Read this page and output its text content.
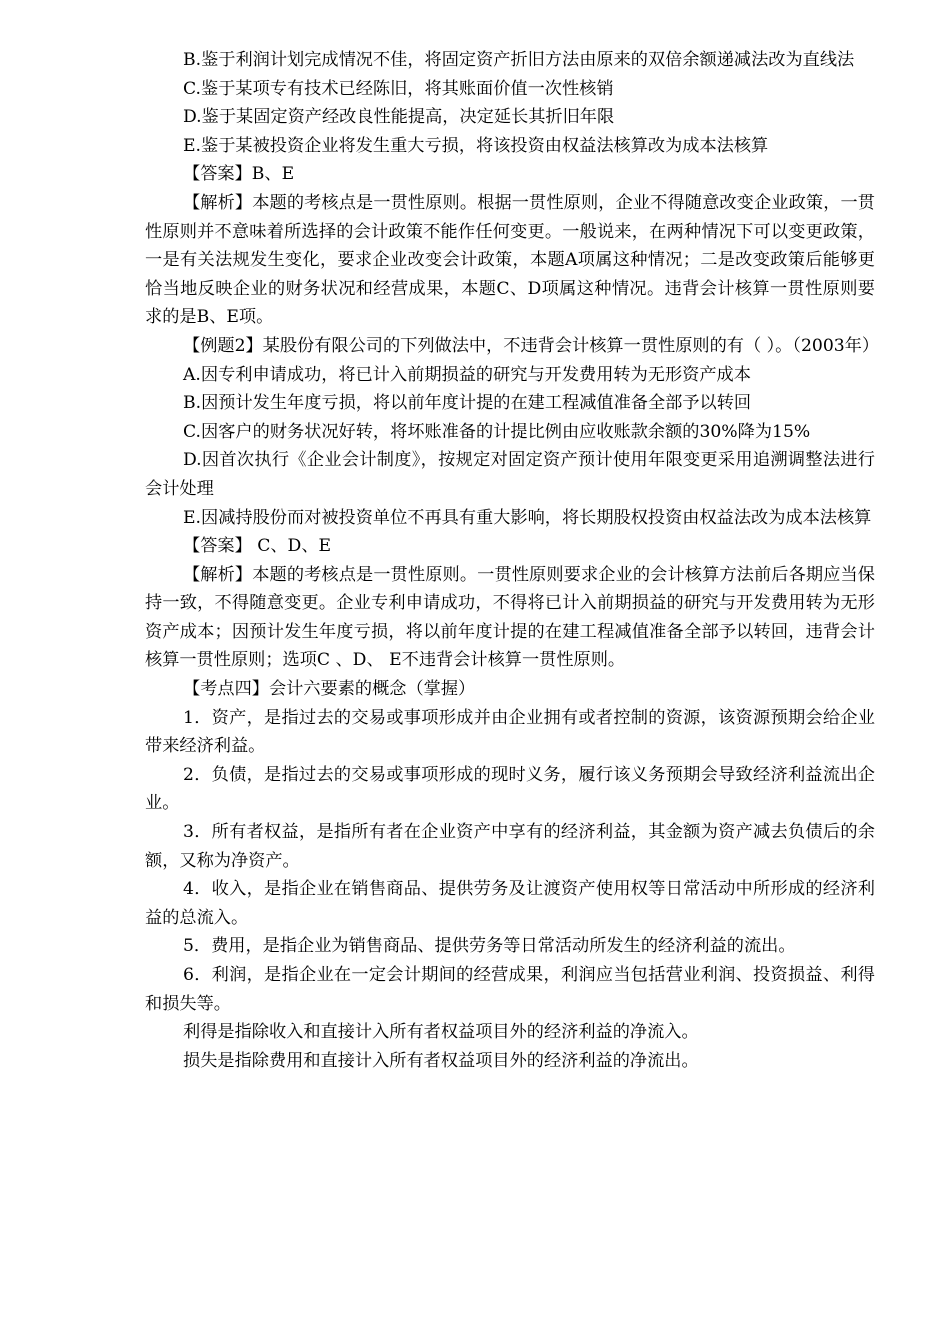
B.鉴于利润计划完成情况不佳，将固定资产折旧方法由原来的双倍余额递减法改为直线法

C.鉴于某项专有技术已经陈旧，将其账面价值一次性核销

D.鉴于某固定资产经改良性能提高，决定延长其折旧年限

E.鉴于某被投资企业将发生重大亏损，将该投资由权益法核算改为成本法核算

【答案】B、E

【解析】本题的考核点是一贯性原则。根据一贯性原则，企业不得随意改变企业政策，一贯性原则并不意味着所选择的会计政策不能作任何变更。一般说来，在两种情况下可以变更政策，一是有关法规发生变化，要求企业改变会计政策，本题A项属这种情况；二是改变政策后能够更恰当地反映企业的财务状况和经营成果，本题C、D项属这种情况。违背会计核算一贯性原则要求的是B、E项。

【例题2】某股份有限公司的下列做法中，不违背会计核算一贯性原则的有（ ）。（2003年）

A.因专利申请成功，将已计入前期损益的研究与开发费用转为无形资产成本

B.因预计发生年度亏损，将以前年度计提的在建工程减值准备全部予以转回

C.因客户的财务状况好转，将坏账准备的计提比例由应收账款余额的30%降为15%

D.因首次执行《企业会计制度》，按规定对固定资产预计使用年限变更采用追溯调整法进行会计处理

E.因减持股份而对被投资单位不再具有重大影响，将长期股权投资由权益法改为成本法核算

【答案】 C、D、E

【解析】本题的考核点是一贯性原则。一贯性原则要求企业的会计核算方法前后各期应当保持一致，不得随意变更。企业专利申请成功，不得将已计入前期损益的研究与开发费用转为无形资产成本；因预计发生年度亏损，将以前年度计提的在建工程减值准备全部予以转回，违背会计核算一贯性原则；选项C 、D、 E不违背会计核算一贯性原则。

【考点四】会计六要素的概念（掌握）

1．资产，是指过去的交易或事项形成并由企业拥有或者控制的资源，该资源预期会给企业带来经济利益。

2．负债，是指过去的交易或事项形成的现时义务，履行该义务预期会导致经济利益流出企业。

3．所有者权益，是指所有者在企业资产中享有的经济利益，其金额为资产减去负债后的余额，又称为净资产。

4．收入，是指企业在销售商品、提供劳务及让渡资产使用权等日常活动中所形成的经济利益的总流入。

5．费用，是指企业为销售商品、提供劳务等日常活动所发生的经济利益的流出。

6．利润，是指企业在一定会计期间的经营成果，利润应当包括营业利润、投资损益、利得和损失等。

利得是指除收入和直接计入所有者权益项目外的经济利益的净流入。

损失是指除费用和直接计入所有者权益项目外的经济利益的净流出。
